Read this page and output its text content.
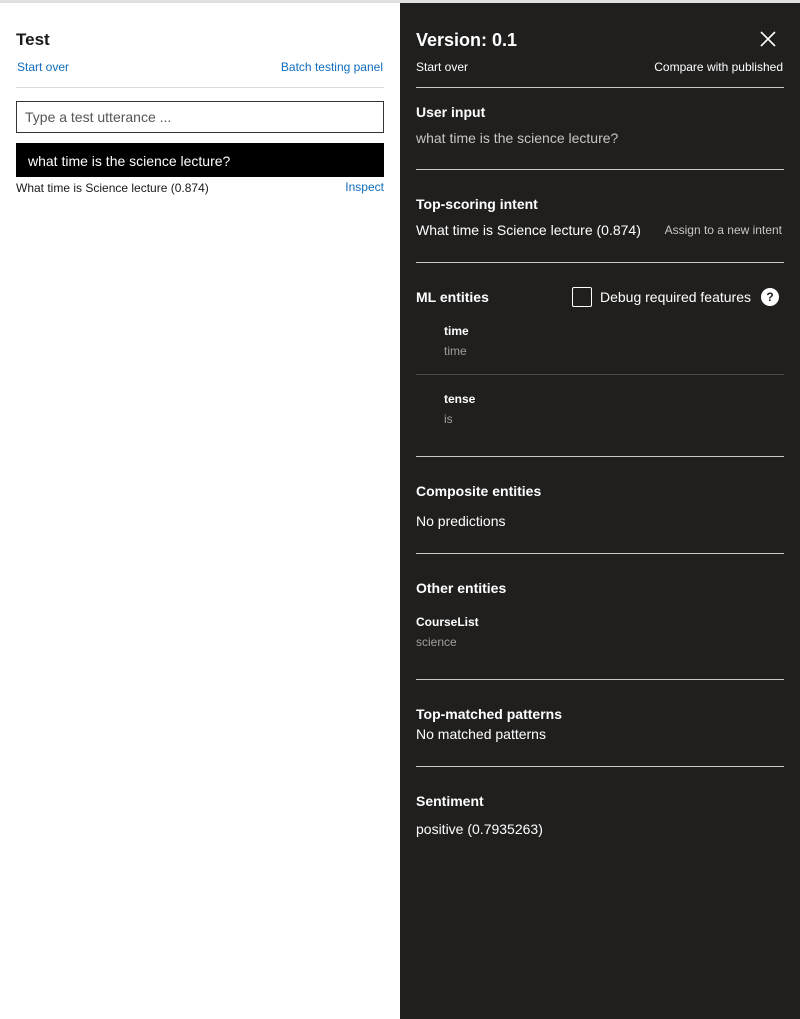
Test
Start over	Batch testing panel
Type a test utterance ...
what time is the science lecture?
What time is Science lecture (0.874)	Inspect
Version: 0.1
Start over	Compare with published
User input
what time is the science lecture?
Top-scoring intent
What time is Science lecture (0.874) Assign to a new intent
ML entities	Debug required features	?
time
time
tense
is
Composite entities
No predictions
Other entities
CourseList
science
Top-matched patterns
No matched patterns
Sentiment
positive (0.7935263)
